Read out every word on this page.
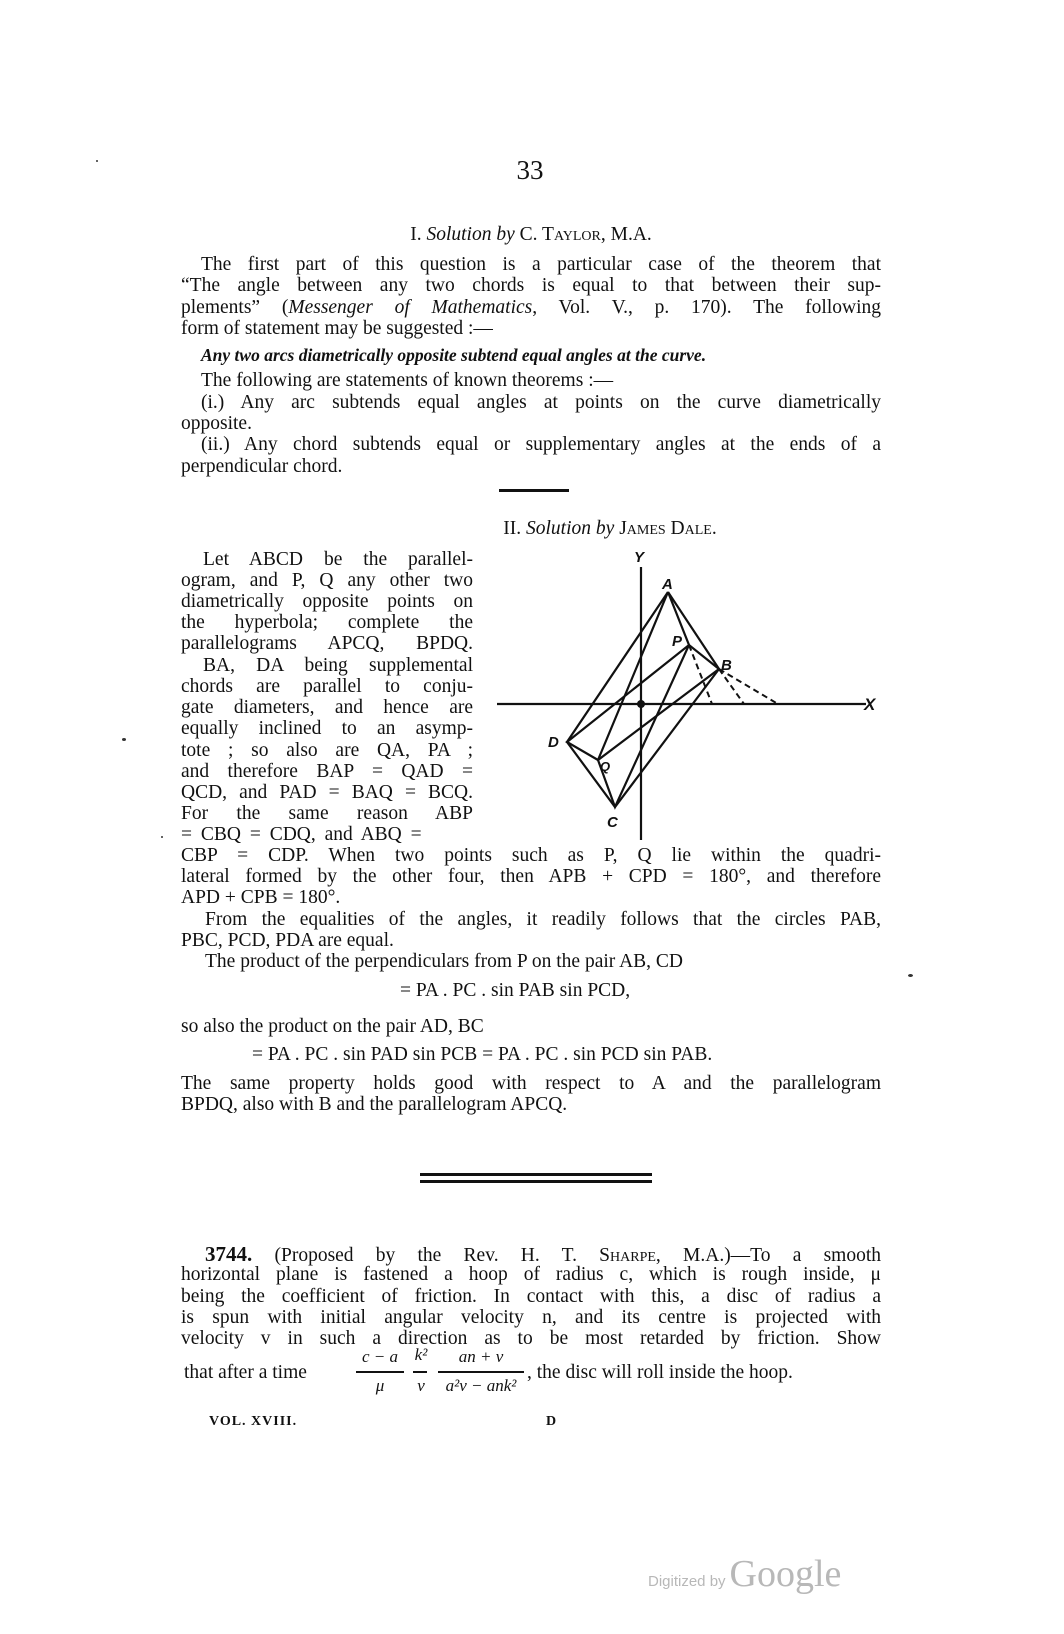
33
I. Solution by C. Taylor, M.A.
The first part of this question is a particular case of the theorem that
“The angle between any two chords is equal to that between their sup-
plements” (Messenger of Mathematics, Vol. V., p. 170). The following
form of statement may be suggested :—
Any two arcs diametrically opposite subtend equal angles at the curve.
The following are statements of known theorems :—
(i.) Any arc subtends equal angles at points on the curve diametrically
opposite.
(ii.) Any chord subtends equal or supplementary angles at the ends of a
perpendicular chord.
II. Solution by James Dale.
Let ABCD be the parallel-
ogram, and P, Q any other two
diametrically opposite points on
the hyperbola; complete the
parallelograms APCQ, BPDQ.
BA, DA being supplemental
chords are parallel to conju-
gate diameters, and hence are
equally inclined to an asymp-
tote ; so also are QA, PA ;
and therefore BAP = QAD =
QCD, and PAD = BAQ = BCQ.
For the same reason ABP
= CBQ = CDQ, and ABQ =
Y
X
A
P
B
D
Q
C
CBP = CDP. When two points such as P, Q lie within the quadri-
lateral formed by the other four, then APB + CPD = 180°, and therefore
APD + CPB = 180°.
From the equalities of the angles, it readily follows that the circles PAB,
PBC, PCD, PDA are equal.
The product of the perpendiculars from P on the pair AB, CD
= PA . PC . sin PAB sin PCD,
so also the product on the pair AD, BC
= PA . PC . sin PAD sin PCB = PA . PC . sin PCD sin PAB.
The same property holds good with respect to A and the parallelogram
BPDQ, also with B and the parallelogram APCQ.
3744. (Proposed by the Rev. H. T. Sharpe, M.A.)—To a smooth
horizontal plane is fastened a hoop of radius c, which is rough inside, μ
being the coefficient of friction. In contact with this, a disc of radius a
is spun with initial angular velocity n, and its centre is projected with
velocity v in such a direction as to be most retarded by friction. Show
that after a time
c − a
μ
k²
v
an + v
a²v − ank²
, the disc will roll inside the hoop.
VOL. XVIII.	D
Digitized by Google
